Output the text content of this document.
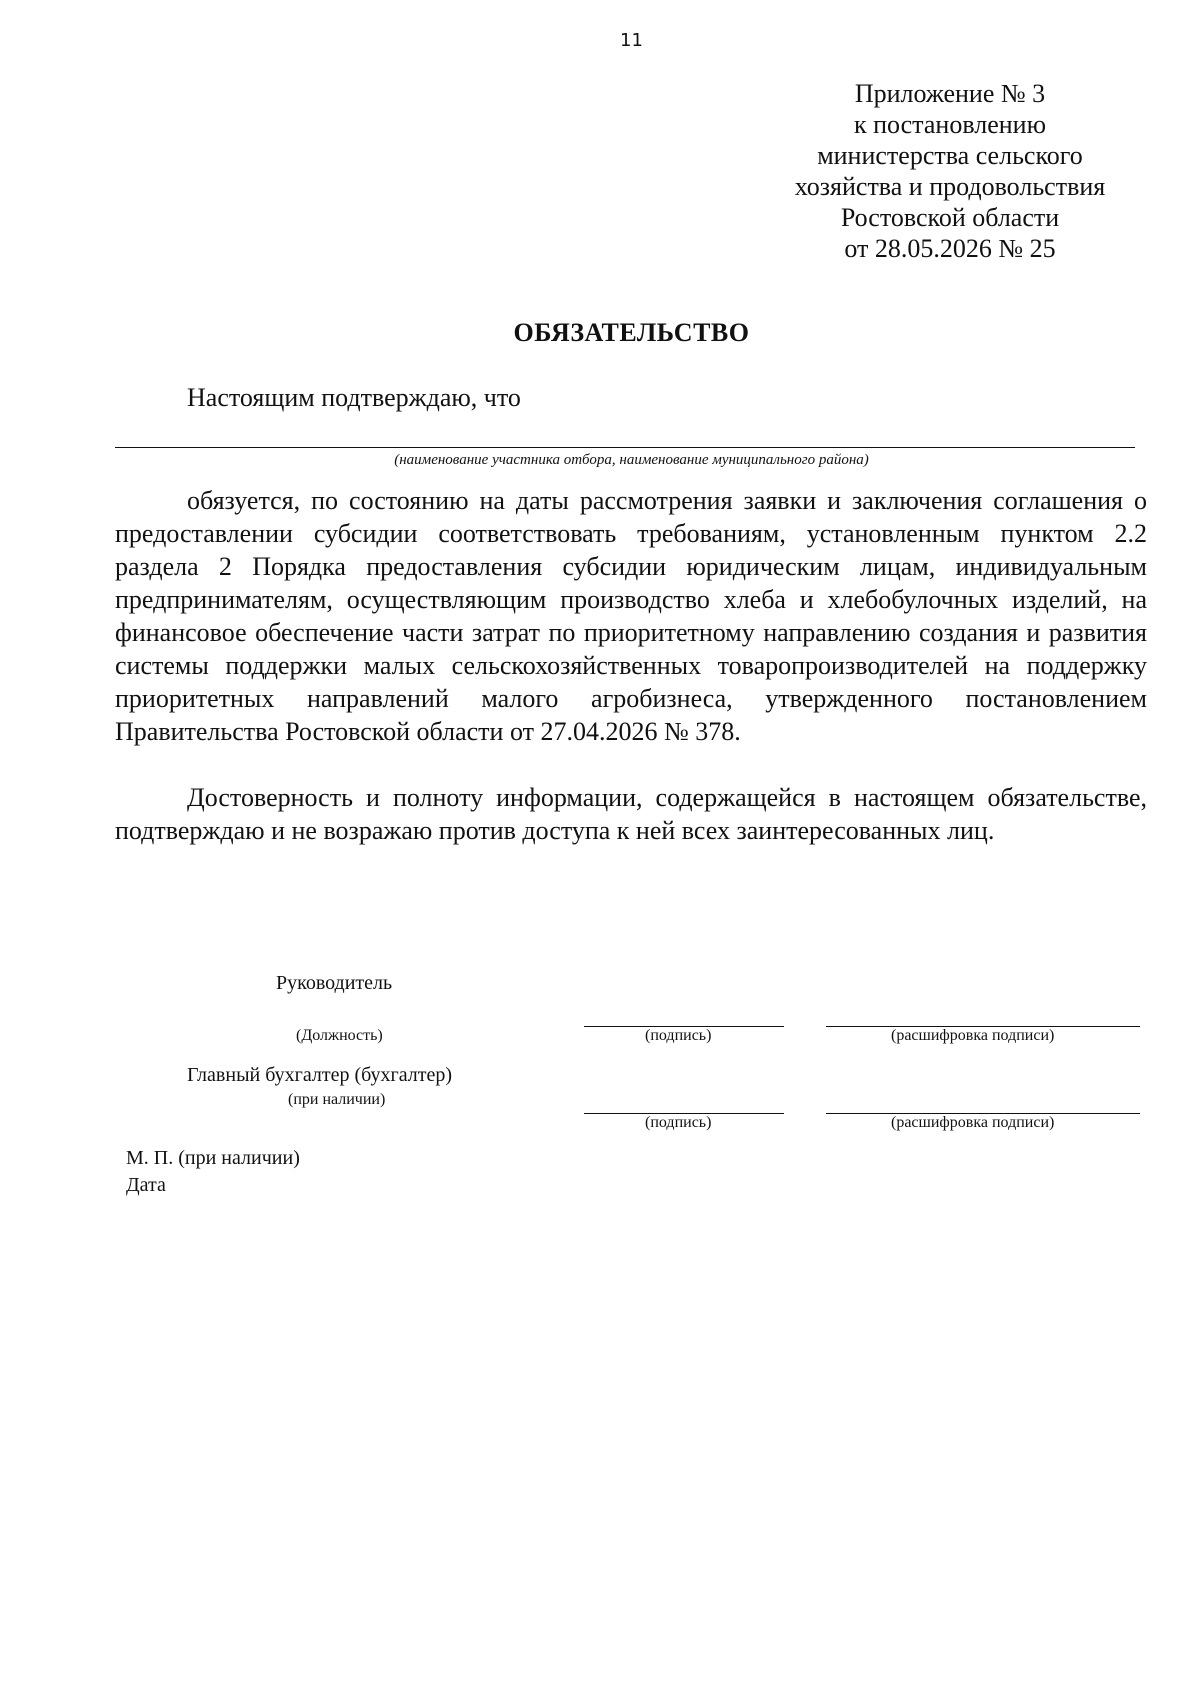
11
Приложение № 3
к постановлению
министерства сельского
хозяйства и продовольствия
Ростовской области
от 28.05.2026 № 25
ОБЯЗАТЕЛЬСТВО
Настоящим подтверждаю, что
(наименование участника отбора, наименование муниципального района)

обязуется, по состоянию на даты рассмотрения заявки и заключения соглашения о предоставлении субсидии соответствовать требованиям, установленным пунктом 2.2 раздела 2 Порядка предоставления субсидии юридическим лицам, индивидуальным предпринимателям, осуществляющим производство хлеба и хлебобулочных изделий, на финансовое обеспечение части затрат по приоритетному направлению создания и развития системы поддержки малых сельскохозяйственных товаропроизводителей на поддержку приоритетных направлений малого агробизнеса, утвержденного постановлением Правительства Ростовской области от 27.04.2026 № 378.

Достоверность и полноту информации, содержащейся в настоящем обязательстве, подтверждаю и не возражаю против доступа к ней всех заинтересованных лиц.

Руководитель
(Должность)	(подпись)	(расшифровка подписи)
Главный бухгалтер (бухгалтер)
(при наличии)
(подпись)	(расшифровка подписи)
М. П. (при наличии)
Дата
